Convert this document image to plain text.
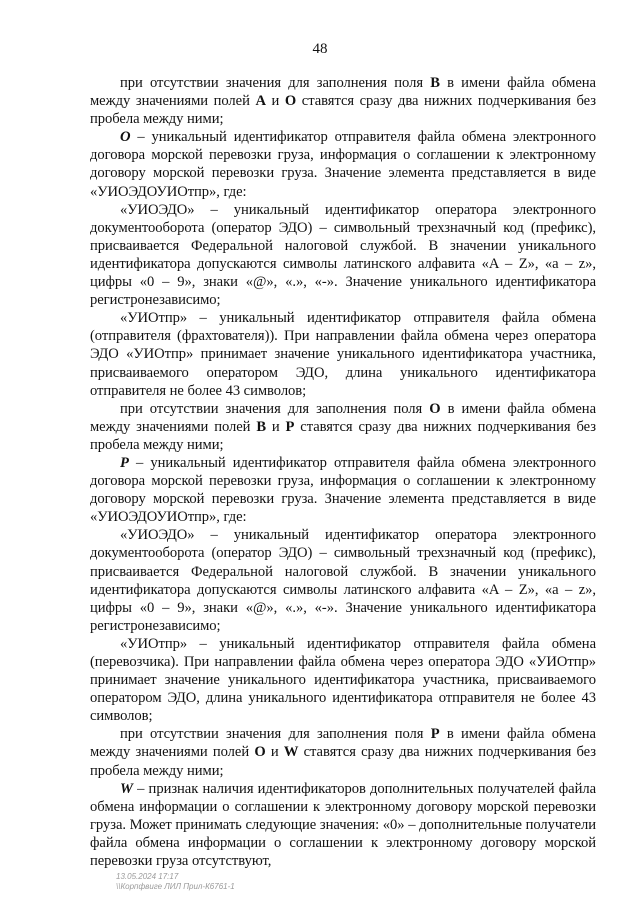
48

при отсутствии значения для заполнения поля B в имени файла обмена между значениями полей А и О ставятся сразу два нижних подчеркивания без пробела между ними;

O – уникальный идентификатор отправителя файла обмена электронного договора морской перевозки груза, информация о соглашении к электронному договору морской перевозки груза. Значение элемента представляется в виде «УИОЭДОУИОтпр», где:

«УИОЭДО» – уникальный идентификатор оператора электронного документооборота (оператор ЭДО) – символьный трехзначный код (префикс), присваивается Федеральной налоговой службой. В значении уникального идентификатора допускаются символы латинского алфавита «A – Z», «a – z», цифры «0 – 9», знаки «@», «.», «-». Значение уникального идентификатора регистронезависимо;

«УИОтпр» – уникальный идентификатор отправителя файла обмена (отправителя (фрахтователя)). При направлении файла обмена через оператора ЭДО «УИОтпр» принимает значение уникального идентификатора участника, присваиваемого оператором ЭДО, длина уникального идентификатора отправителя не более 43 символов;

при отсутствии значения для заполнения поля O в имени файла обмена между значениями полей B и P ставятся сразу два нижних подчеркивания без пробела между ними;

P – уникальный идентификатор отправителя файла обмена электронного договора морской перевозки груза, информация о соглашении к электронному договору морской перевозки груза. Значение элемента представляется в виде «УИОЭДОУИОтпр», где:

«УИОЭДО» – уникальный идентификатор оператора электронного документооборота (оператор ЭДО) – символьный трехзначный код (префикс), присваивается Федеральной налоговой службой. В значении уникального идентификатора допускаются символы латинского алфавита «A – Z», «a – z», цифры «0 – 9», знаки «@», «.», «-». Значение уникального идентификатора регистронезависимо;

«УИОтпр» – уникальный идентификатор отправителя файла обмена (перевозчика). При направлении файла обмена через оператора ЭДО «УИОтпр» принимает значение уникального идентификатора участника, присваиваемого оператором ЭДО, длина уникального идентификатора отправителя не более 43 символов;

при отсутствии значения для заполнения поля P в имени файла обмена между значениями полей O и W ставятся сразу два нижних подчеркивания без пробела между ними;

W – признак наличия идентификаторов дополнительных получателей файла обмена информации о соглашении к электронному договору морской перевозки груза. Может принимать следующие значения: «0» – дополнительные получатели файла обмена информации о соглашении к электронному договору морской перевозки груза отсутствуют,

13.05.2024 17:17
\\Корпфвиге ЛИЛ Прил-К6761-1
